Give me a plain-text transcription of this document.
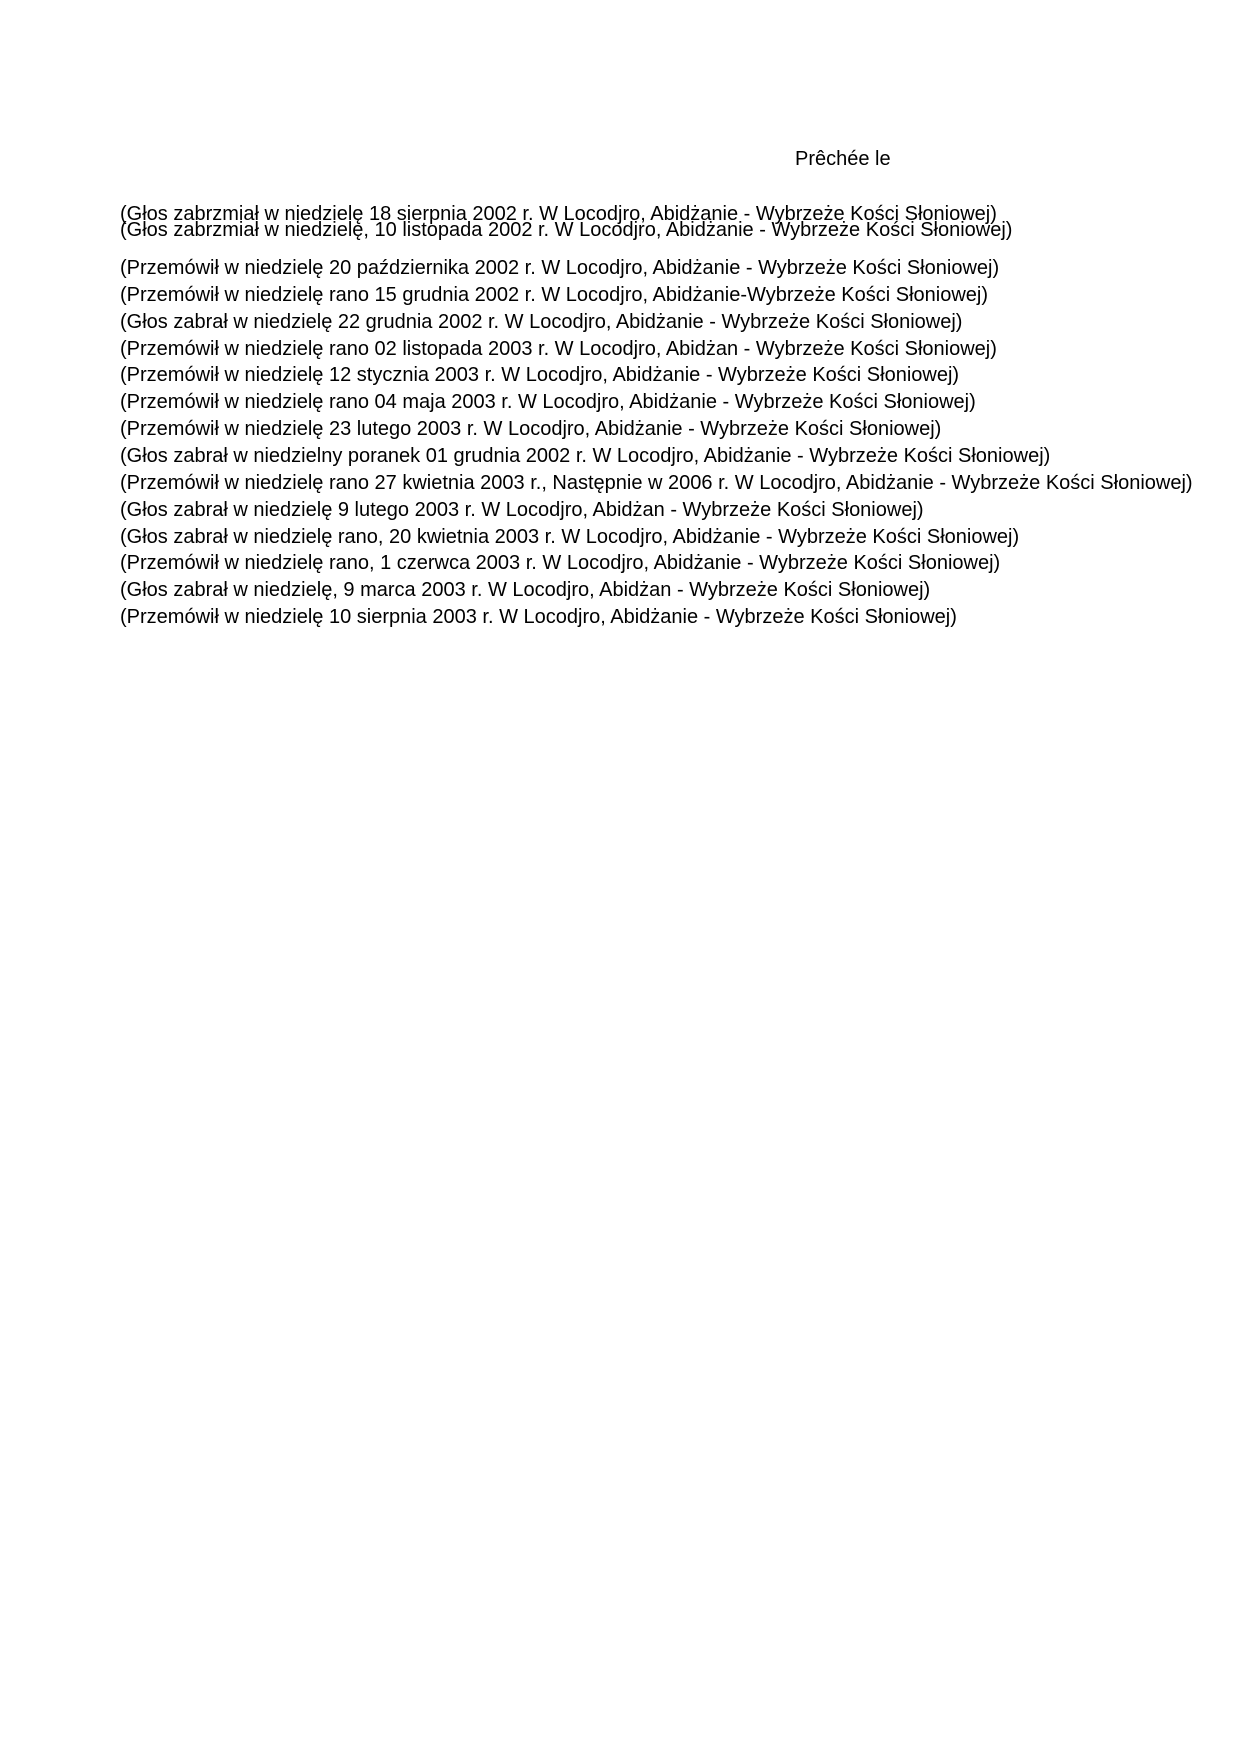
Prêchée le
(Głos zabrzmiał w niedzielę 18 sierpnia 2002 r. W Locodjro, Abidżanie - Wybrzeże Kości Słoniowej)
(Głos zabrzmiał w niedzielę, 10 listopada 2002 r. W Locodjro, Abidżanie - Wybrzeże Kości Słoniowej)
(Przemówił w niedzielę 20 października 2002 r. W Locodjro, Abidżanie - Wybrzeże Kości Słoniowej)
(Przemówił w niedzielę rano 15 grudnia 2002 r. W Locodjro, Abidżanie-Wybrzeże Kości Słoniowej)
(Głos zabrał w niedzielę 22 grudnia 2002 r. W Locodjro, Abidżanie - Wybrzeże Kości Słoniowej)
(Przemówił w niedzielę rano 02 listopada 2003 r. W Locodjro, Abidżan - Wybrzeże Kości Słoniowej)
(Przemówił w niedzielę 12 stycznia 2003 r. W Locodjro, Abidżanie - Wybrzeże Kości Słoniowej)
(Przemówił w niedzielę rano 04 maja 2003 r. W Locodjro, Abidżanie - Wybrzeże Kości Słoniowej)
(Przemówił w niedzielę 23 lutego 2003 r. W Locodjro, Abidżanie - Wybrzeże Kości Słoniowej)
(Głos zabrał w niedzielny poranek 01 grudnia 2002 r. W Locodjro, Abidżanie - Wybrzeże Kości Słoniowej)
(Przemówił w niedzielę rano 27 kwietnia 2003 r., Następnie w 2006 r. W Locodjro, Abidżanie - Wybrzeże Kości Słoniowej)
(Głos zabrał w niedzielę 9 lutego 2003 r. W Locodjro, Abidżan - Wybrzeże Kości Słoniowej)
(Głos zabrał w niedzielę rano, 20 kwietnia 2003 r. W Locodjro, Abidżanie - Wybrzeże Kości Słoniowej)
(Przemówił w niedzielę rano, 1 czerwca 2003 r. W Locodjro, Abidżanie - Wybrzeże Kości Słoniowej)
(Głos zabrał w niedzielę, 9 marca 2003 r. W Locodjro, Abidżan - Wybrzeże Kości Słoniowej)
(Przemówił w niedzielę 10 sierpnia 2003 r. W Locodjro, Abidżanie - Wybrzeże Kości Słoniowej)
